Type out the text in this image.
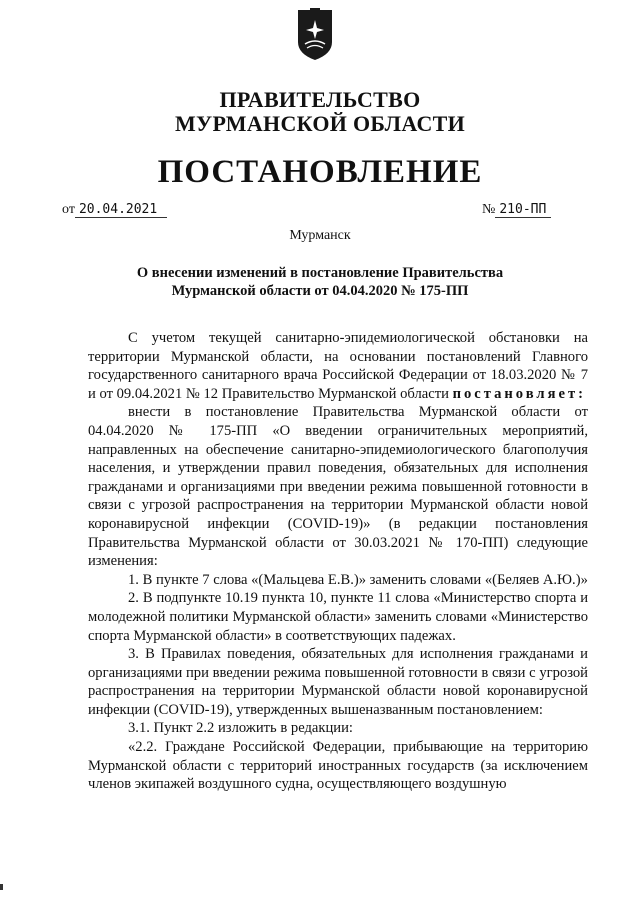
ПРАВИТЕЛЬСТВО
МУРМАНСКОЙ ОБЛАСТИ
ПОСТАНОВЛЕНИЕ
от 20.04.2021	№ 210-ПП
Мурманск
О внесении изменений в постановление Правительства
Мурманской области от 04.04.2020 № 175-ПП

С учетом текущей санитарно-эпидемиологической обстановки на территории Мурманской области, на основании постановлений Главного государственного санитарного врача Российской Федерации от 18.03.2020 № 7 и от 09.04.2021 № 12 Правительство Мурманской области постановляет:

внести в постановление Правительства Мурманской области от 04.04.2020 № 175-ПП «О введении ограничительных мероприятий, направленных на обеспечение санитарно-эпидемиологического благополучия населения, и утверждении правил поведения, обязательных для исполнения гражданами и организациями при введении режима повышенной готовности в связи с угрозой распространения на территории Мурманской области новой коронавирусной инфекции (COVID-19)» (в редакции постановления Правительства Мурманской области от 30.03.2021 № 170-ПП) следующие изменения:

1. В пункте 7 слова «(Мальцева Е.В.)» заменить словами «(Беляев А.Ю.)»

2. В подпункте 10.19 пункта 10, пункте 11 слова «Министерство спорта и молодежной политики Мурманской области» заменить словами «Министерство спорта Мурманской области» в соответствующих падежах.

3. В Правилах поведения, обязательных для исполнения гражданами и организациями при введении режима повышенной готовности в связи с угрозой распространения на территории Мурманской области новой коронавирусной инфекции (COVID-19), утвержденных вышеназванным постановлением:

3.1. Пункт 2.2 изложить в редакции:

«2.2. Граждане Российской Федерации, прибывающие на территорию Мурманской области с территорий иностранных государств (за исключением членов экипажей воздушного судна, осуществляющего воздушную
